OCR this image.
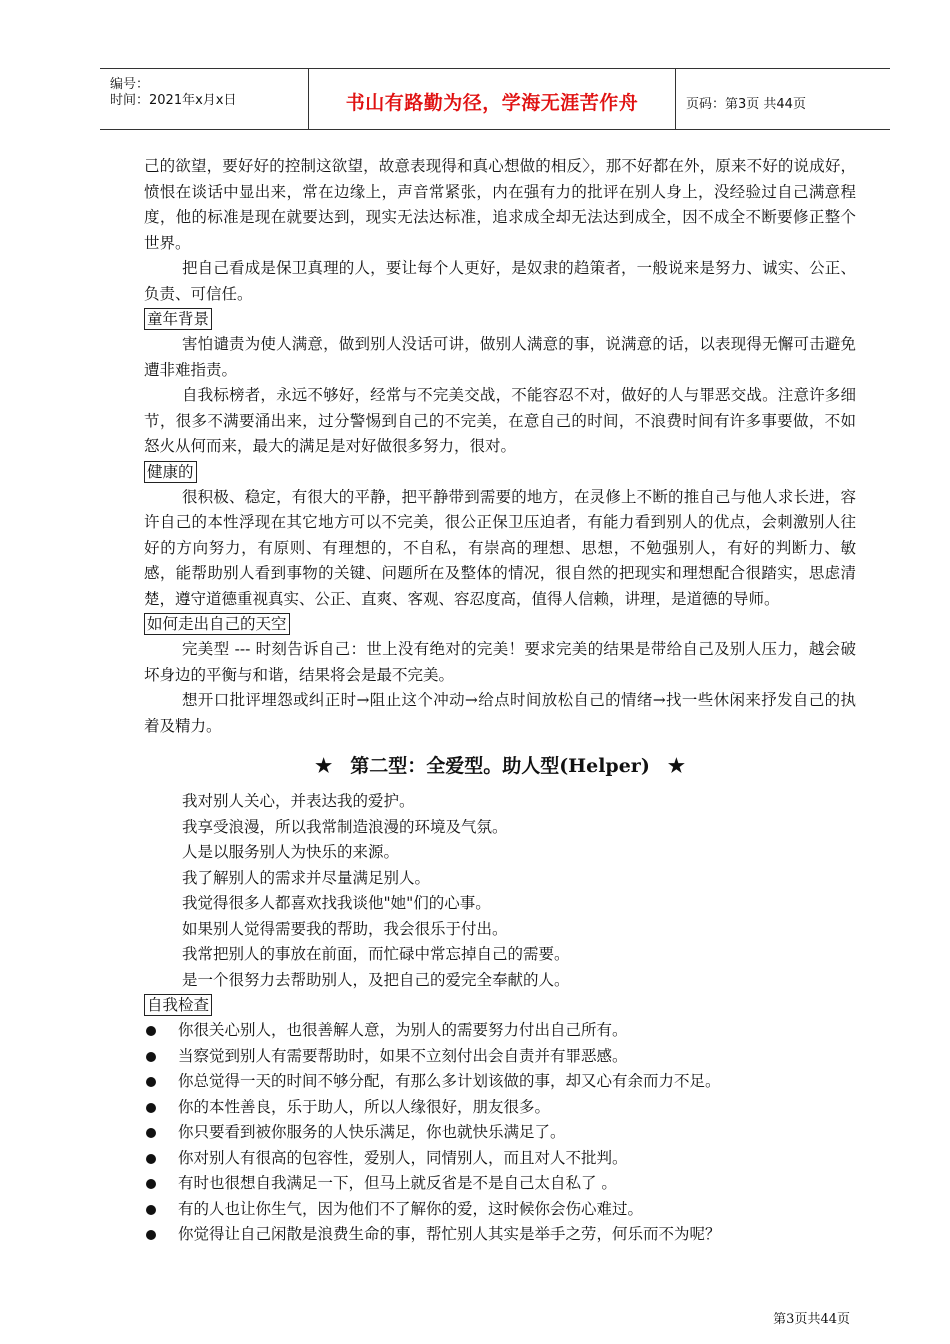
编号：
时间：2021年x月x日	书山有路勤为径，学海无涯苦作舟	页码：第3页 共44页

己的欲望，要好好的控制这欲望，故意表现得和真心想做的相反〉，那不好都在外，原来不好的说成好，愤恨在谈话中显出来，常在边缘上，声音常紧张，内在强有力的批评在别人身上，没经验过自己满意程度，他的标准是现在就要达到，现实无法达标准，追求成全却无法达到成全，因不成全不断要修正整个世界。

把自己看成是保卫真理的人，要让每个人更好，是奴隶的趋策者，一般说来是努力、诚实、公正、负责、可信任。

童年背景

害怕谴责为使人满意，做到别人没话可讲，做别人满意的事，说满意的话，以表现得无懈可击避免遭非难指责。

自我标榜者，永远不够好，经常与不完美交战，不能容忍不对，做好的人与罪恶交战。注意许多细节，很多不满要涌出来，过分警惕到自己的不完美，在意自己的时间，不浪费时间有许多事要做，不如怒火从何而来，最大的满足是对好做很多努力，很对。

健康的

很积极、稳定，有很大的平静，把平静带到需要的地方，在灵修上不断的推自己与他人求长进，容许自己的本性浮现在其它地方可以不完美，很公正保卫压迫者，有能力看到别人的优点，会刺激别人往好的方向努力，有原则、有理想的，不自私，有崇高的理想、思想，不勉强别人，有好的判断力、敏感，能帮助别人看到事物的关键、问题所在及整体的情况，很自然的把现实和理想配合很踏实，思虑清楚，遵守道德重视真实、公正、直爽、客观、容忍度高，值得人信赖，讲理，是道德的导师。

如何走出自己的天空

完美型 --- 时刻告诉自己：世上没有绝对的完美！要求完美的结果是带给自己及别人压力，越会破坏身边的平衡与和谐，结果将会是最不完美。

想开口批评埋怨或纠正时→阻止这个冲动→给点时间放松自己的情绪→找一些休闲来抒发自己的执着及精力。

★ 第二型：全爱型。助人型(Helper) ★

我对别人关心，并表达我的爱护。

我享受浪漫，所以我常制造浪漫的环境及气氛。

人是以服务别人为快乐的来源。

我了解别人的需求并尽量满足别人。

我觉得很多人都喜欢找我谈他"她"们的心事。

如果别人觉得需要我的帮助，我会很乐于付出。

我常把别人的事放在前面，而忙碌中常忘掉自己的需要。

是一个很努力去帮助别人，及把自己的爱完全奉献的人。

自我检查
你很关心别人，也很善解人意，为别人的需要努力付出自己所有。
当察觉到别人有需要帮助时，如果不立刻付出会自责并有罪恶感。
你总觉得一天的时间不够分配，有那么多计划该做的事，却又心有余而力不足。
你的本性善良，乐于助人，所以人缘很好，朋友很多。
你只要看到被你服务的人快乐满足，你也就快乐满足了。
你对别人有很高的包容性，爱别人，同情别人，而且对人不批判。
有时也很想自我满足一下，但马上就反省是不是自己太自私了 。
有的人也让你生气，因为他们不了解你的爱，这时候你会伤心难过。
你觉得让自己闲散是浪费生命的事，帮忙别人其实是举手之劳，何乐而不为呢？
第3页共44页
